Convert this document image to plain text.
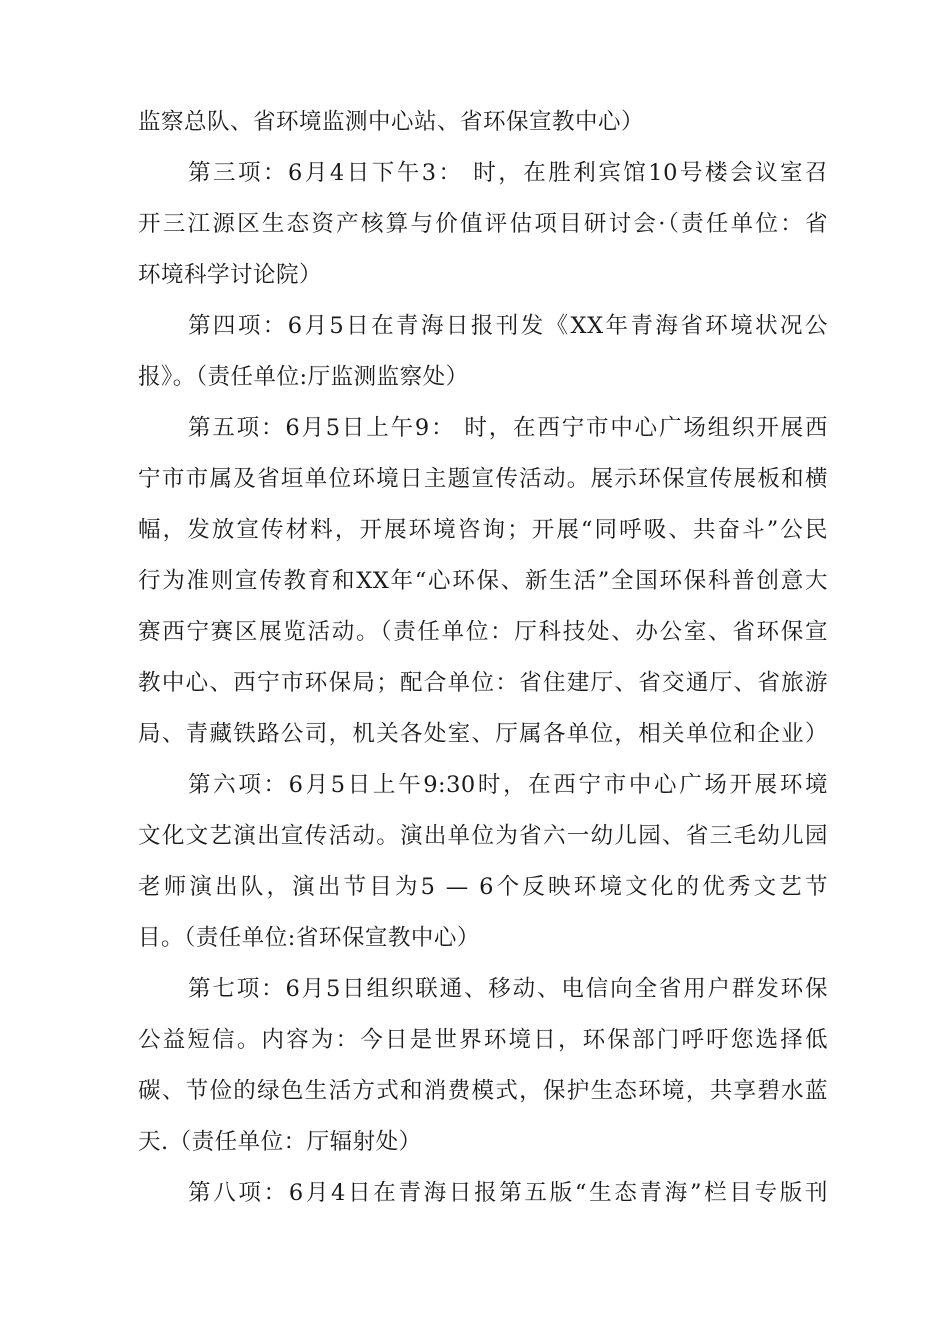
监察总队、省环境监测中心站、省环保宣教中心）
第三项：6月4日下午3： 时，在胜利宾馆10号楼会议室召
开三江源区生态资产核算与价值评估项目研讨会·（责任单位：省
环境科学讨论院）
第四项：6月5日在青海日报刊发《XX年青海省环境状况公
报》。（责任单位:厅监测监察处）
第五项：6月5日上午9： 时，在西宁市中心广场组织开展西
宁市市属及省垣单位环境日主题宣传活动。展示环保宣传展板和横
幅，发放宣传材料，开展环境咨询；开展“同呼吸、共奋斗”公民
行为准则宣传教育和XX年“心环保、新生活”全国环保科普创意大
赛西宁赛区展览活动。（责任单位：厅科技处、办公室、省环保宣
教中心、西宁市环保局；配合单位：省住建厅、省交通厅、省旅游
局、青藏铁路公司，机关各处室、厅属各单位，相关单位和企业）
第六项：6月5日上午9:30时，在西宁市中心广场开展环境
文化文艺演出宣传活动。演出单位为省六一幼儿园、省三毛幼儿园
老师演出队，演出节目为5 — 6个反映环境文化的优秀文艺节
目。（责任单位:省环保宣教中心）
第七项：6月5日组织联通、移动、电信向全省用户群发环保
公益短信。内容为：今日是世界环境日，环保部门呼吁您选择低
碳、节俭的绿色生活方式和消费模式，保护生态环境，共享碧水蓝
天.（责任单位：厅辐射处）
第八项：6月4日在青海日报第五版“生态青海”栏目专版刊
